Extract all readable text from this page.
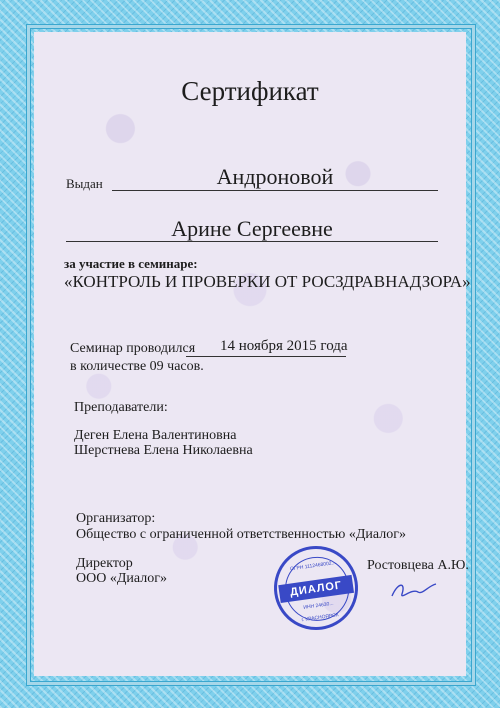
Сертификат
Выдан	Андроновой
Арине Сергеевне
за участие в семинаре:
«КОНТРОЛЬ И ПРОВЕРКИ ОТ РОСЗДРАВНАДЗОРА»
Семинар проводился 14 ноября 2015 года
в количестве 09 часов.
Преподаватели:
Деген Елена Валентиновна
Шерстнева Елена Николаевна
Организатор:
Общество с ограниченной ответственностью «Диалог»
Директор
ООО «Диалог»
Ростовцева А.Ю.
ОГРН 1112468002...
ДИАЛОГ
ИНН 24630...
г. КРАСНОЯРСК
